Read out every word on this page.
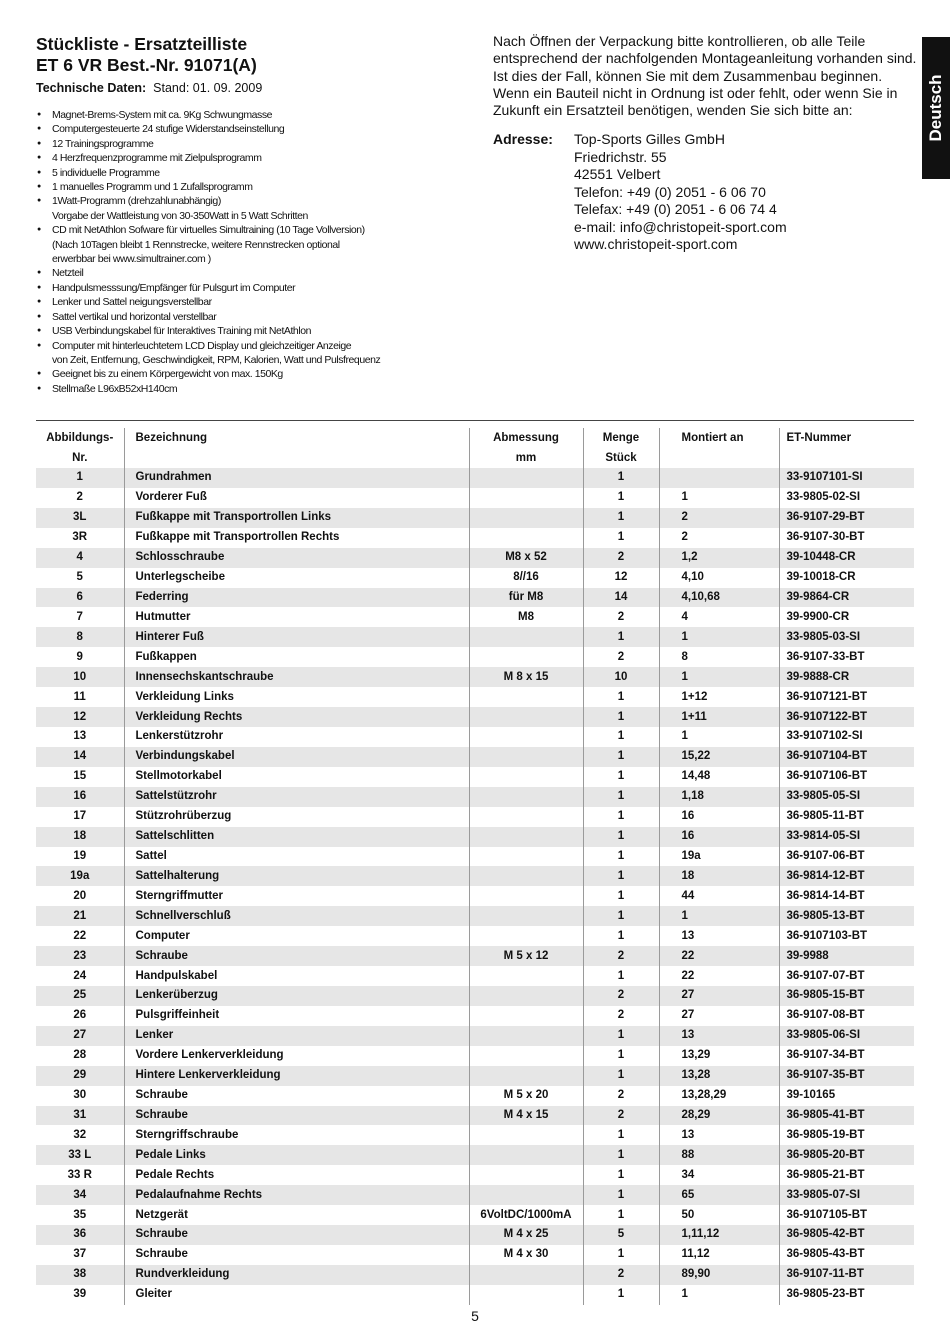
Stückliste - Ersatzteilliste
ET 6 VR Best.-Nr. 91071(A)
Technische Daten: Stand: 01. 09. 2009
● Magnet-Brems-System mit ca. 9Kg Schwungmasse
● Computergesteuerte 24 stufige Widerstandseinstellung
● 12 Trainingsprogramme
● 4 Herzfrequenzprogramme mit Zielpulsprogramm
● 5 individuelle Programme
● 1 manuelles Programm und 1 Zufallsprogramm
● 1Watt-Programm (drehzahlunabhängig)
Vorgabe der Wattleistung von 30-350Watt in 5 Watt Schritten
● CD mit NetAthlon Sofware für virtuelles Simultraining (10 Tage Vollversion)
(Nach 10Tagen bleibt 1 Rennstrecke, weitere Rennstrecken optional
erwerbbar bei www.simultrainer.com )
● Netzteil
● Handpulsmesssung/Empfänger für Pulsgurt im Computer
● Lenker und Sattel neigungsverstellbar
● Sattel vertikal und horizontal verstellbar
● USB Verbindungskabel für Interaktives Training mit NetAthlon
● Computer mit hinterleuchtetem LCD Display und gleichzeitiger Anzeige
von Zeit, Entfernung, Geschwindigkeit, RPM, Kalorien, Watt und Pulsfrequenz
● Geeignet bis zu einem Körpergewicht von max. 150Kg
● Stellmaße L96xB52xH140cm
Nach Öffnen der Verpackung bitte kontrollieren, ob alle Teile entsprechend der nachfolgenden Montageanleitung vorhanden sind. Ist dies der Fall, können Sie mit dem Zusammenbau beginnen. Wenn ein Bauteil nicht in Ordnung ist oder fehlt, oder wenn Sie in Zukunft ein Ersatzteil benötigen, wenden Sie sich bitte an:
Adresse: Top-Sports Gilles GmbH
Friedrichstr. 55
42551 Velbert
Telefon: +49 (0) 2051 - 6 06 70
Telefax: +49 (0) 2051 - 6 06 74 4
e-mail: info@christopeit-sport.com
www.christopeit-sport.com
Deutsch
Abbildungs-	Bezeichnung	Abmessung	Menge	Montiert an	ET-Nummer
Nr.		mm	Stück		
1	Grundrahmen		1		33-9107101-SI
2	Vorderer Fuß		1	1	33-9805-02-SI
3L	Fußkappe mit Transportrollen Links		1	2	36-9107-29-BT
3R	Fußkappe mit Transportrollen Rechts		1	2	36-9107-30-BT
4	Schlosschraube	M8 x 52	2	1,2	39-10448-CR
5	Unterlegscheibe	8//16	12	4,10	39-10018-CR
6	Federring	für M8	14	4,10,68	39-9864-CR
7	Hutmutter	M8	2	4	39-9900-CR
8	Hinterer Fuß		1	1	33-9805-03-SI
9	Fußkappen		2	8	36-9107-33-BT
10	Innensechskantschraube	M 8 x 15	10	1	39-9888-CR
11	Verkleidung Links		1	1+12	36-9107121-BT
12	Verkleidung Rechts		1	1+11	36-9107122-BT
13	Lenkerstützrohr		1	1	33-9107102-SI
14	Verbindungskabel		1	15,22	36-9107104-BT
15	Stellmotorkabel		1	14,48	36-9107106-BT
16	Sattelstützrohr		1	1,18	33-9805-05-SI
17	Stützrohrüberzug		1	16	36-9805-11-BT
18	Sattelschlitten		1	16	33-9814-05-SI
19	Sattel		1	19a	36-9107-06-BT
19a	Sattelhalterung		1	18	36-9814-12-BT
20	Sterngriffmutter		1	44	36-9814-14-BT
21	Schnellverschluß		1	1	36-9805-13-BT
22	Computer		1	13	36-9107103-BT
23	Schraube	M 5 x 12	2	22	39-9988
24	Handpulskabel		1	22	36-9107-07-BT
25	Lenkerüberzug		2	27	36-9805-15-BT
26	Pulsgriffeinheit		2	27	36-9107-08-BT
27	Lenker		1	13	33-9805-06-SI
28	Vordere Lenkerverkleidung		1	13,29	36-9107-34-BT
29	Hintere Lenkerverkleidung		1	13,28	36-9107-35-BT
30	Schraube	M 5 x 20	2	13,28,29	39-10165
31	Schraube	M 4 x 15	2	28,29	36-9805-41-BT
32	Sterngriffschraube		1	13	36-9805-19-BT
33 L	Pedale Links		1	88	36-9805-20-BT
33 R	Pedale Rechts		1	34	36-9805-21-BT
34	Pedalaufnahme Rechts		1	65	33-9805-07-SI
35	Netzgerät	6VoltDC/1000mA	1	50	36-9107105-BT
36	Schraube	M 4 x 25	5	1,11,12	36-9805-42-BT
37	Schraube	M 4 x 30	1	11,12	36-9805-43-BT
38	Rundverkleidung		2	89,90	36-9107-11-BT
39	Gleiter		1	1	36-9805-23-BT
5
